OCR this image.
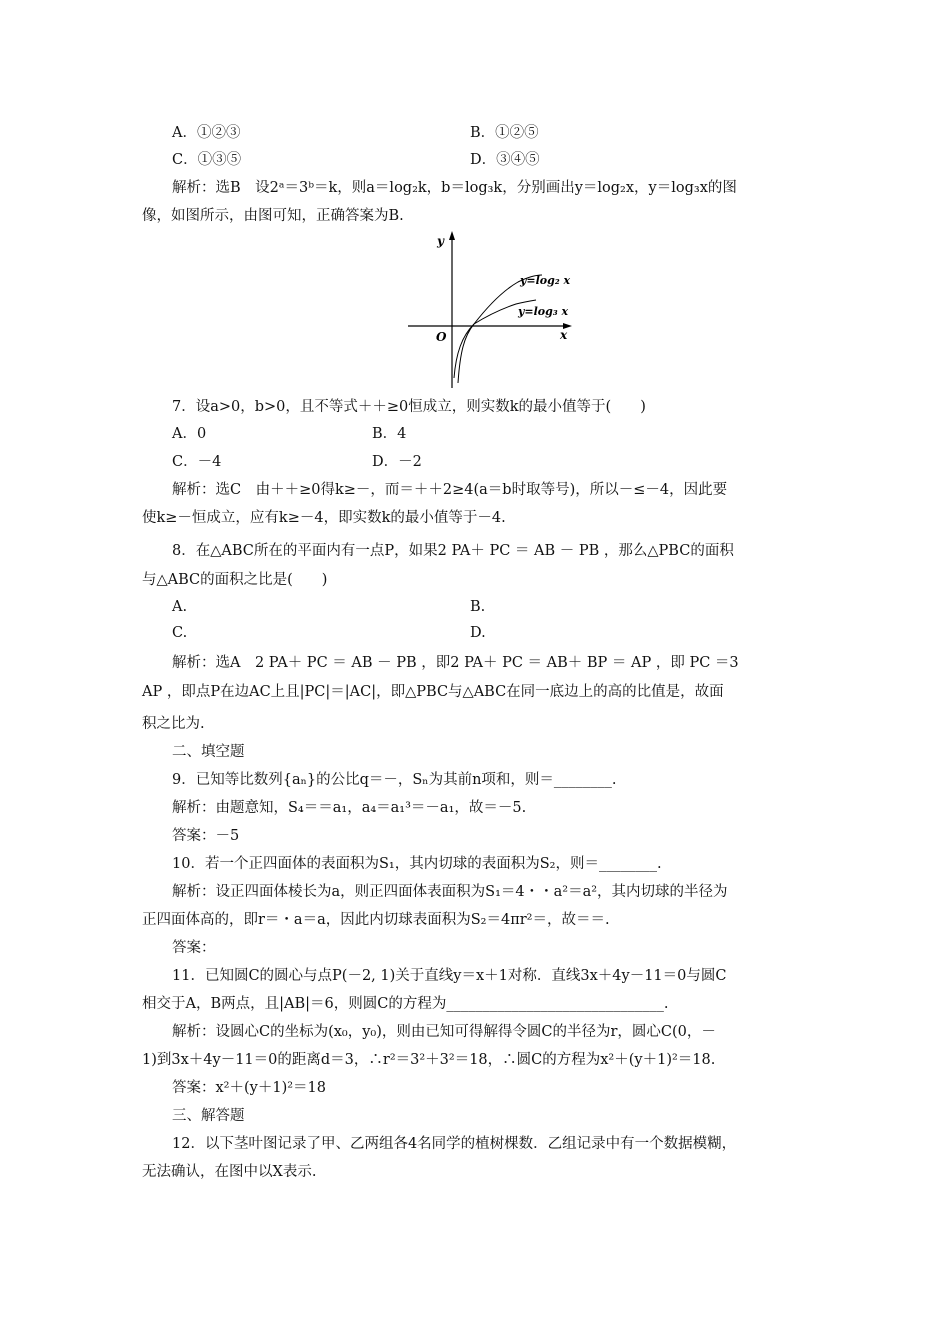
A．①②③	B．①②⑤
C．①③⑤	D．③④⑤
解析：选B　设2ᵃ＝3ᵇ＝k，则a＝log₂k，b＝log₃k，分别画出y＝log₂x，y＝log₃x的图
像，如图所示，由图可知，正确答案为B.
y
x
O
y=log₂ x
y=log₃ x
7．设a>0，b>0，且不等式＋＋≥0恒成立，则实数k的最小值等于(　　)
A．0	B．4
C．－4	D．－2
解析：选C　由＋＋≥0得k≥－，而＝＋＋2≥4(a＝b时取等号)，所以－≤－4，因此要
使k≥－恒成立，应有k≥－4，即实数k的最小值等于－4.
8．在△ABC所在的平面内有一点P，如果2 PA＋ PC ＝ AB － PB ，那么△PBC的面积
与△ABC的面积之比是(　　)
A.	B.
C.	D.
解析：选A　2 PA＋ PC ＝ AB － PB ，即2 PA＋ PC ＝ AB＋ BP ＝ AP ，即 PC ＝3
AP ，即点P在边AC上且|PC|＝|AC|，即△PBC与△ABC在同一底边上的高的比值是，故面
积之比为.
二、填空题
9．已知等比数列{aₙ}的公比q＝－，Sₙ为其前n项和，则＝________.
解析：由题意知，S₄＝＝a₁，a₄＝a₁³＝－a₁，故＝－5.
答案：－5
10．若一个正四面体的表面积为S₁，其内切球的表面积为S₂，则＝________.
解析：设正四面体棱长为a，则正四面体表面积为S₁＝4・・a²＝a²，其内切球的半径为
正四面体高的，即r＝・a＝a，因此内切球表面积为S₂＝4πr²＝，故＝＝.
答案：
11．已知圆C的圆心与点P(－2, 1)关于直线y＝x＋1对称．直线3x＋4y－11＝0与圆C
相交于A，B两点，且|AB|＝6，则圆C的方程为______________________________.
解析：设圆心C的坐标为(x₀，y₀)，则由已知可得解得令圆C的半径为r，圆心C(0，－
1)到3x＋4y－11＝0的距离d＝3，∴r²＝3²＋3²＝18，∴圆C的方程为x²＋(y＋1)²＝18.
答案：x²＋(y＋1)²＝18
三、解答题
12．以下茎叶图记录了甲、乙两组各4名同学的植树棵数．乙组记录中有一个数据模糊，
无法确认，在图中以X表示.
